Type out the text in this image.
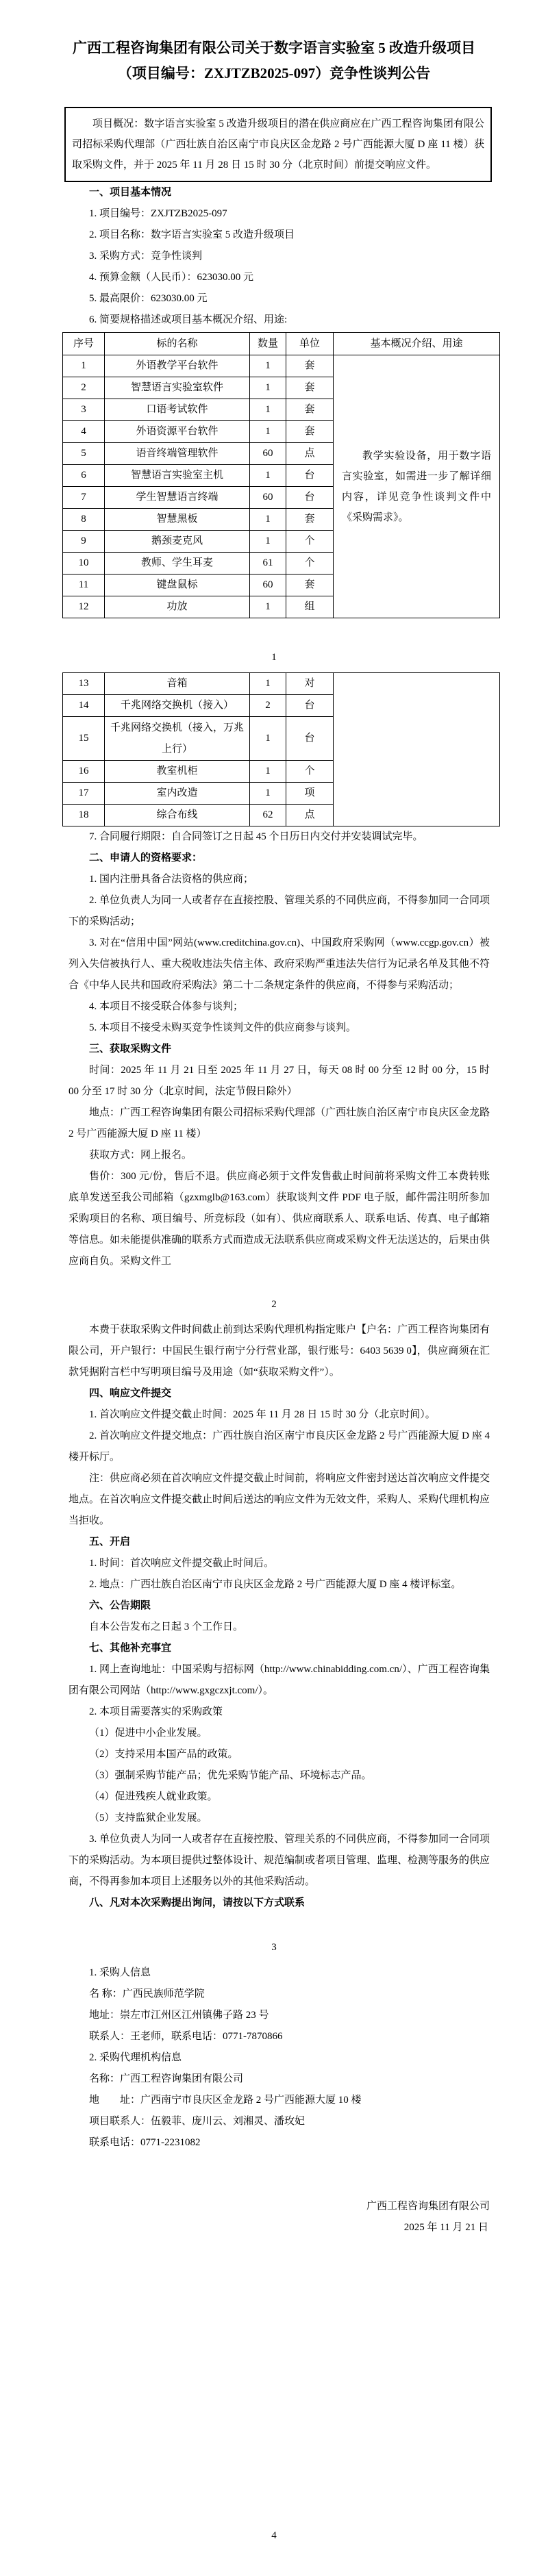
广西工程咨询集团有限公司关于数字语言实验室 5 改造升级项目
（项目编号：ZXJTZB2025-097）竞争性谈判公告
项目概况：数字语言实验室 5 改造升级项目的潜在供应商应在广西工程咨询集团有限公司招标采购代理部（广西壮族自治区南宁市良庆区金龙路 2 号广西能源大厦 D 座 11 楼）获取采购文件，并于 2025 年 11 月 28 日 15 时 30 分（北京时间）前提交响应文件。

一、项目基本情况

1. 项目编号：ZXJTZB2025-097

2. 项目名称：数字语言实验室 5 改造升级项目

3. 采购方式：竞争性谈判

4. 预算金额（人民币）：623030.00 元

5. 最高限价：623030.00 元

6. 简要规格描述或项目基本概况介绍、用途:

序号	标的名称	数量	单位	基本概况介绍、用途
1	外语教学平台软件	1	套	教学实验设备，用于数字语言实验室，如需进一步了解详细内容，详见竞争性谈判文件中《采购需求》。

2	智慧语言实验室软件	1	套	
3	口语考试软件	1	套	
4	外语资源平台软件	1	套	
5	语音终端管理软件	60	点	
6	智慧语言实验室主机	1	台	
7	学生智慧语言终端	60	台	
8	智慧黑板	1	套	
9	鹅颈麦克风	1	个	
10	教师、学生耳麦	61	个	
11	键盘鼠标	60	套	
12	功放	1	组	
1
13	音箱	1	对	
14	千兆网络交换机（接入）	2	台	
15	千兆网络交换机（接入，万兆上行）	1	台	
16	教室机柜	1	个	
17	室内改造	1	项	
18	综合布线	62	点	

7. 合同履行期限：自合同签订之日起 45 个日历日内交付并安装调试完毕。

二、申请人的资格要求：

1. 国内注册具备合法资格的供应商；

2. 单位负责人为同一人或者存在直接控股、管理关系的不同供应商，不得参加同一合同项下的采购活动；

3. 对在“信用中国”网站(www.creditchina.gov.cn)、中国政府采购网（www.ccgp.gov.cn）被列入失信被执行人、重大税收违法失信主体、政府采购严重违法失信行为记录名单及其他不符合《中华人民共和国政府采购法》第二十二条规定条件的供应商，不得参与采购活动；

4. 本项目不接受联合体参与谈判；

5. 本项目不接受未购买竞争性谈判文件的供应商参与谈判。

三、获取采购文件

时间：2025 年 11 月 21 日至 2025 年 11 月 27 日，每天 08 时 00 分至 12 时 00 分，15 时 00 分至 17 时 30 分（北京时间，法定节假日除外）

地点：广西工程咨询集团有限公司招标采购代理部（广西壮族自治区南宁市良庆区金龙路 2 号广西能源大厦 D 座 11 楼）

获取方式：网上报名。

售价：300 元/份，售后不退。供应商必须于文件发售截止时间前将采购文件工本费转账底单发送至我公司邮箱（gzxmglb@163.com）获取谈判文件 PDF 电子版，邮件需注明所参加采购项目的名称、项目编号、所竞标段（如有）、供应商联系人、联系电话、传真、电子邮箱等信息。如未能提供准确的联系方式而造成无法联系供应商或采购文件无法送达的，后果由供应商自负。采购文件工

2

本费于获取采购文件时间截止前到达采购代理机构指定账户【户名：广西工程咨询集团有限公司，开户银行：中国民生银行南宁分行营业部，银行账号：6403 5639 0】，供应商须在汇款凭据附言栏中写明项目编号及用途（如“获取采购文件”）。

四、响应文件提交

1. 首次响应文件提交截止时间：2025 年 11 月 28 日 15 时 30 分（北京时间）。

2. 首次响应文件提交地点：广西壮族自治区南宁市良庆区金龙路 2 号广西能源大厦 D 座 4 楼开标厅。

注：供应商必须在首次响应文件提交截止时间前，将响应文件密封送达首次响应文件提交地点。在首次响应文件提交截止时间后送达的响应文件为无效文件，采购人、采购代理机构应当拒收。

五、开启

1. 时间：首次响应文件提交截止时间后。

2. 地点：广西壮族自治区南宁市良庆区金龙路 2 号广西能源大厦 D 座 4 楼评标室。

六、公告期限

自本公告发布之日起 3 个工作日。

七、其他补充事宜

1. 网上查询地址：中国采购与招标网（http://www.chinabidding.com.cn/）、广西工程咨询集团有限公司网站（http://www.gxgczxjt.com/）。

2. 本项目需要落实的采购政策

（1）促进中小企业发展。

（2）支持采用本国产品的政策。

（3）强制采购节能产品；优先采购节能产品、环境标志产品。

（4）促进残疾人就业政策。

（5）支持监狱企业发展。

3. 单位负责人为同一人或者存在直接控股、管理关系的不同供应商，不得参加同一合同项下的采购活动。为本项目提供过整体设计、规范编制或者项目管理、监理、检测等服务的供应商，不得再参加本项目上述服务以外的其他采购活动。

八、凡对本次采购提出询问，请按以下方式联系

3

1. 采购人信息

名 称：广西民族师范学院

地址：崇左市江州区江州镇佛子路 23 号

联系人：王老师，联系电话：0771-7870866

2. 采购代理机构信息

名称：广西工程咨询集团有限公司

地　　址：广西南宁市良庆区金龙路 2 号广西能源大厦 10 楼

项目联系人：伍毅菲、庞川云、刘湘灵、潘玫妃

联系电话：0771-2231082

广西工程咨询集团有限公司
2025 年 11 月 21 日
4
